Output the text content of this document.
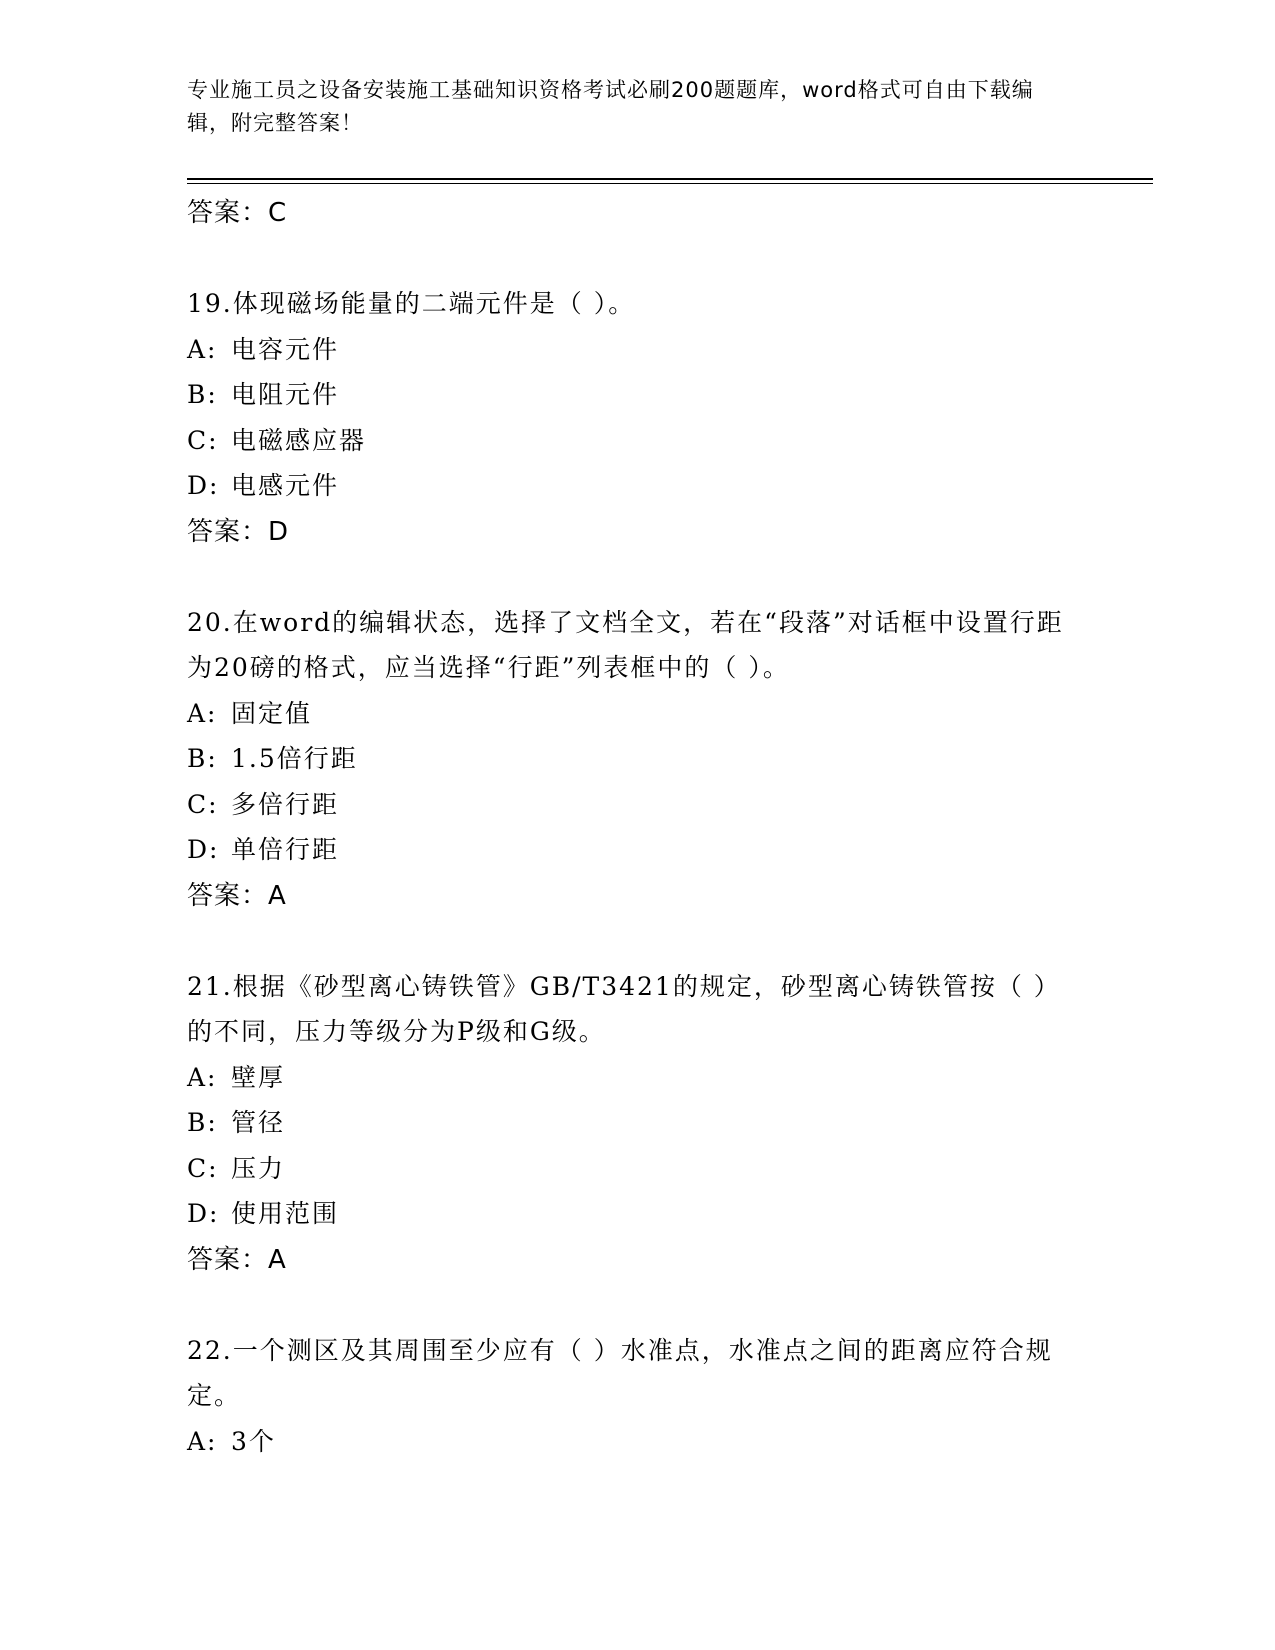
专业施工员之设备安装施工基础知识资格考试必刷200题题库，word格式可自由下载编辑，附完整答案！
答案：C
19.体现磁场能量的二端元件是（ ）。
A: 电容元件
B: 电阻元件
C: 电磁感应器
D: 电感元件
答案：D
20.在word的编辑状态，选择了文档全文，若在“段落”对话框中设置行距为20磅的格式，应当选择“行距”列表框中的（ ）。
A: 固定值
B: 1.5倍行距
C: 多倍行距
D: 单倍行距
答案：A
21.根据《砂型离心铸铁管》GB/T3421的规定，砂型离心铸铁管按（ ）的不同，压力等级分为P级和G级。
A: 壁厚
B: 管径
C: 压力
D: 使用范围
答案：A
22.一个测区及其周围至少应有（ ）水准点，水准点之间的距离应符合规定。
A: 3个
